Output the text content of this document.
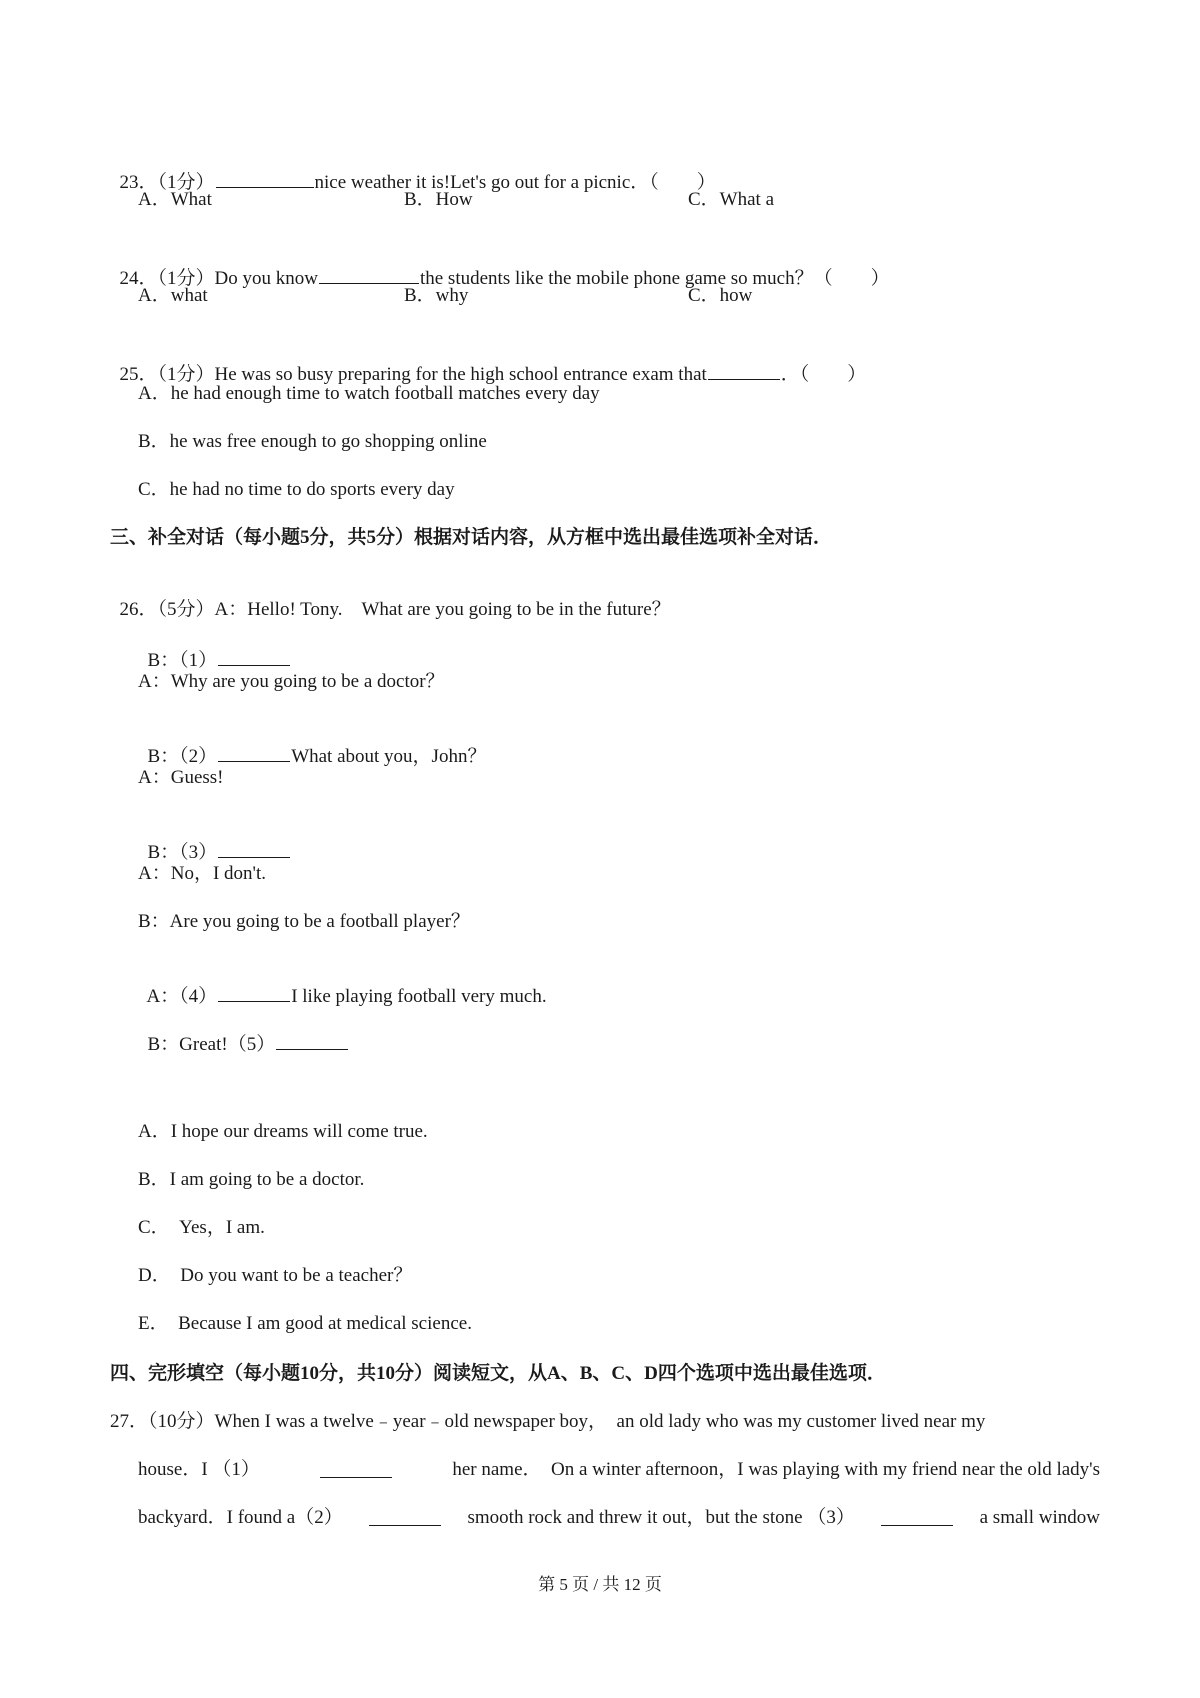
23．（1分）	nice weather it is!Let's go out for a picnic．（　　）

A．What	B．How	C．What a

24．（1分）Do you know	the students like the mobile phone game so much？（　　）

A．what	B．why	C．how

25．（1分）He was so busy preparing for the high school entrance exam that	．（　　）

A．he had enough time to watch football matches every day
B．he was free enough to go shopping online
C．he had no time to do sports every day
三、补全对话（每小题5分，共5分）根据对话内容，从方框中选出最佳选项补全对话．

26．（5分）A：Hello! Tony.　What are you going to be in the future？

B：（1）

A：Why are you going to be a doctor？

B：（2）	What about you，John？

A：Guess!

B：（3）

A：No，I don't.
B：Are you going to be a football player？

A：（4）	I like playing football very much.

B：Great!（5）

A．I hope our dreams will come true.
B．I am going to be a doctor.
C．　Yes，I am.
D．　Do you want to be a teacher？
E．　Because I am good at medical science.
四、完形填空（每小题10分，共10分）阅读短文，从A、B、C、D四个选项中选出最佳选项．
27．（10分） When I was a twelve﹣year﹣old newspaper boy，  an old lady who was my customer lived near my
house．I （1）	her name．  On a winter afternoon，I was playing with my friend near the old lady's
backyard．I found a（2）	smooth rock and threw it out，but the stone （3）	a small window
第 5 页 / 共 12 页
